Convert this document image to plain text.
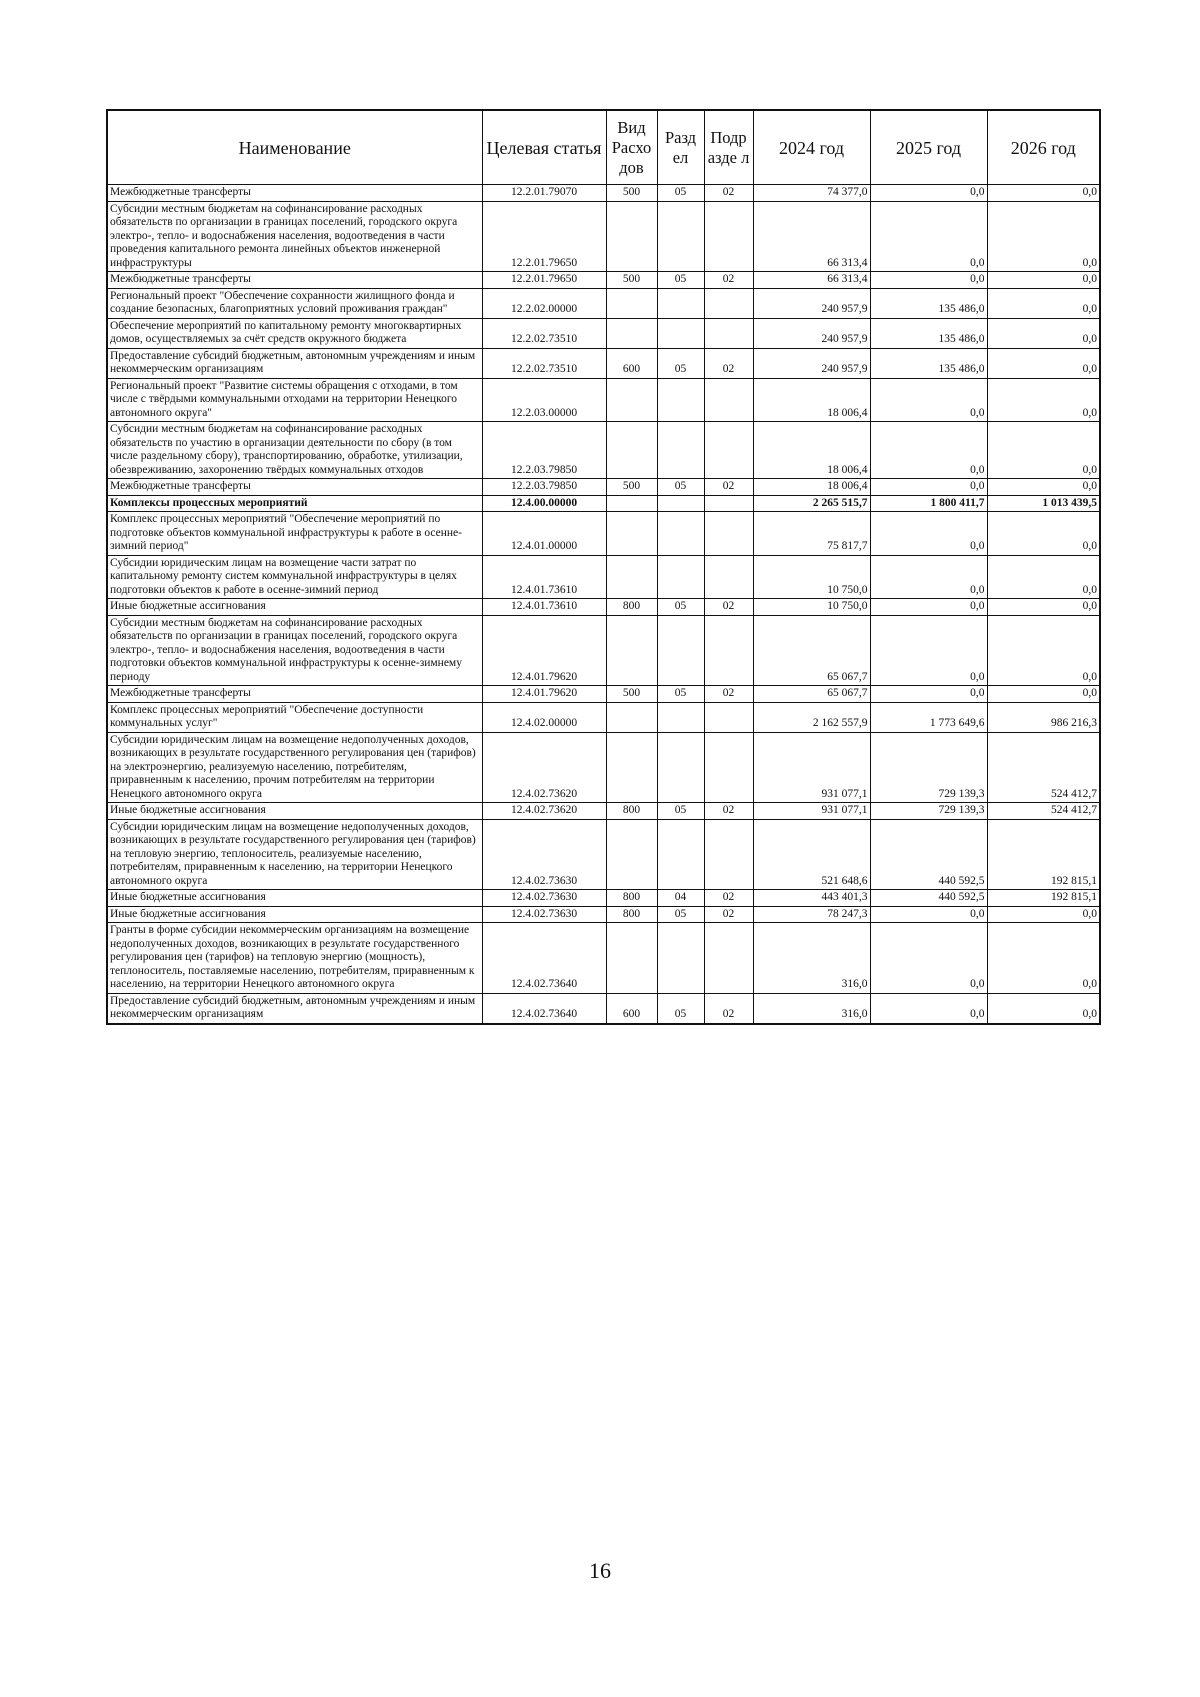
Наименование	Целевая статья	Вид Расхо дов	Разд ел	Подр азде л	2024 год	2025 год	2026 год
Межбюджетные трансферты	12.2.01.79070	500	05	02	74 377,0	0,0	0,0
Субсидии местным бюджетам на софинансирование расходных обязательств по организации в границах поселений, городского округа электро-, тепло- и водоснабжения населения, водоотведения в части проведения капитального ремонта линейных объектов инженерной инфраструктуры	12.2.01.79650				66 313,4	0,0	0,0
Межбюджетные трансферты	12.2.01.79650	500	05	02	66 313,4	0,0	0,0
Региональный проект "Обеспечение сохранности жилищного фонда и создание безопасных, благоприятных условий проживания граждан"	12.2.02.00000				240 957,9	135 486,0	0,0
Обеспечение мероприятий по капитальному ремонту многоквартирных домов, осуществляемых за счёт средств окружного бюджета	12.2.02.73510				240 957,9	135 486,0	0,0
Предоставление субсидий бюджетным, автономным учреждениям и иным некоммерческим организациям	12.2.02.73510	600	05	02	240 957,9	135 486,0	0,0
Региональный проект "Развитие системы обращения с отходами, в том числе с твёрдыми коммунальными отходами на территории Ненецкого автономного округа"	12.2.03.00000				18 006,4	0,0	0,0
Субсидии местным бюджетам на софинансирование расходных обязательств по участию в организации деятельности по сбору (в том числе раздельному сбору), транспортированию, обработке, утилизации, обезвреживанию, захоронению твёрдых коммунальных отходов	12.2.03.79850				18 006,4	0,0	0,0
Межбюджетные трансферты	12.2.03.79850	500	05	02	18 006,4	0,0	0,0
Комплексы процессных мероприятий	12.4.00.00000				2 265 515,7	1 800 411,7	1 013 439,5
Комплекс процессных мероприятий "Обеспечение мероприятий по подготовке объектов коммунальной инфраструктуры к работе в осенне-зимний период"	12.4.01.00000				75 817,7	0,0	0,0
Субсидии юридическим лицам на возмещение части затрат по капитальному ремонту систем коммунальной инфраструктуры в целях подготовки объектов к работе в осенне-зимний период	12.4.01.73610				10 750,0	0,0	0,0
Иные бюджетные ассигнования	12.4.01.73610	800	05	02	10 750,0	0,0	0,0
Субсидии местным бюджетам на софинансирование расходных обязательств по организации в границах поселений, городского округа электро-, тепло- и водоснабжения населения, водоотведения в части подготовки объектов коммунальной инфраструктуры к осенне-зимнему периоду	12.4.01.79620				65 067,7	0,0	0,0
Межбюджетные трансферты	12.4.01.79620	500	05	02	65 067,7	0,0	0,0
Комплекс процессных мероприятий "Обеспечение доступности коммунальных услуг"	12.4.02.00000				2 162 557,9	1 773 649,6	986 216,3
Субсидии юридическим лицам на возмещение недополученных доходов, возникающих в результате государственного регулирования цен (тарифов) на электроэнергию, реализуемую населению, потребителям, приравненным к населению, прочим потребителям на территории Ненецкого автономного округа	12.4.02.73620				931 077,1	729 139,3	524 412,7
Иные бюджетные ассигнования	12.4.02.73620	800	05	02	931 077,1	729 139,3	524 412,7
Субсидии юридическим лицам на возмещение недополученных доходов, возникающих в результате государственного регулирования цен (тарифов) на тепловую энергию, теплоноситель, реализуемые населению, потребителям, приравненным к населению, на территории Ненецкого автономного округа	12.4.02.73630				521 648,6	440 592,5	192 815,1
Иные бюджетные ассигнования	12.4.02.73630	800	04	02	443 401,3	440 592,5	192 815,1
Иные бюджетные ассигнования	12.4.02.73630	800	05	02	78 247,3	0,0	0,0
Гранты в форме субсидии некоммерческим организациям на возмещение недополученных доходов, возникающих в результате государственного регулирования цен (тарифов) на тепловую энергию (мощность), теплоноситель, поставляемые населению, потребителям, приравненным к населению, на территории Ненецкого автономного округа	12.4.02.73640				316,0	0,0	0,0
Предоставление субсидий бюджетным, автономным учреждениям и иным некоммерческим организациям	12.4.02.73640	600	05	02	316,0	0,0	0,0
16
